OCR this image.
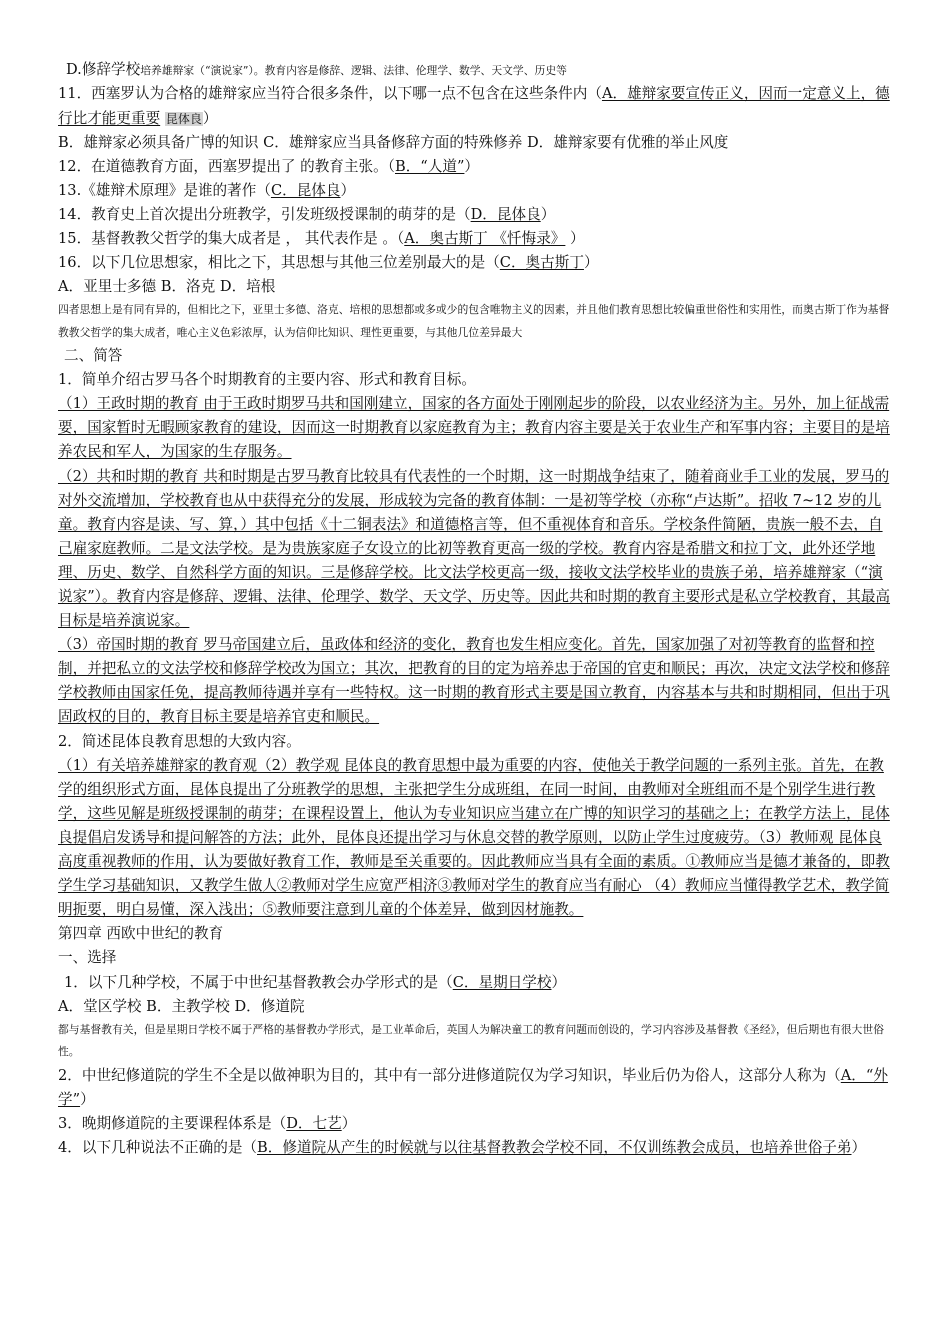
D.修辞学校培养雄辩家（“演说家”）。教育内容是修辞、逻辑、法律、伦理学、数学、天文学、历史等
11．西塞罗认为合格的雄辩家应当符合很多条件，以下哪一点不包含在这些条件内（A．雄辩家要宣传正义，因而一定意义上，德行比才能更重要 昆体良）
B．雄辩家必须具备广博的知识 C．雄辩家应当具备修辞方面的特殊修养 D．雄辩家要有优雅的举止风度
12．在道德教育方面，西塞罗提出了 的教育主张。（B．“人道”）
13.《雄辩术原理》是谁的著作（C．昆体良）
14．教育史上首次提出分班教学，引发班级授课制的萌芽的是（D．昆体良）
15．基督教教父哲学的集大成者是 ， 其代表作是 。（A．奥古斯丁 《忏悔录》 ）
16．以下几位思想家，相比之下，其思想与其他三位差别最大的是（C．奥古斯丁）
A．亚里士多德 B．洛克 D．培根
四者思想上是有同有异的，但相比之下，亚里士多德、洛克、培根的思想都或多或少的包含唯物主义的因素，并且他们教育思想比较偏重世俗性和实用性，而奥古斯丁作为基督教教父哲学的集大成者，唯心主义色彩浓厚，认为信仰比知识、理性更重要，与其他几位差异最大
二、简答
1．简单介绍古罗马各个时期教育的主要内容、形式和教育目标。
（1）王政时期的教育 由于王政时期罗马共和国刚建立，国家的各方面处于刚刚起步的阶段，以农业经济为主。另外，加上征战需要，国家暂时无暇顾家教育的建设，因而这一时期教育以家庭教育为主；教育内容主要是关于农业生产和军事内容；主要目的是培养农民和军人，为国家的生存服务。
（2）共和时期的教育 共和时期是古罗马教育比较具有代表性的一个时期，这一时期战争结束了，随着商业手工业的发展，罗马的对外交流增加，学校教育也从中获得充分的发展，形成较为完备的教育体制：一是初等学校（亦称“卢达斯”。招收 7~12 岁的儿童。教育内容是读、写、算，）其中包括《十二铜表法》和道德格言等，但不重视体育和音乐。学校条件简陋，贵族一般不去，自己雇家庭教师。二是文法学校。是为贵族家庭子女设立的比初等教育更高一级的学校。教育内容是希腊文和拉丁文，此外还学地理、历史、数学、自然科学方面的知识。三是修辞学校。比文法学校更高一级，接收文法学校毕业的贵族子弟，培养雄辩家（“演说家”）。教育内容是修辞、逻辑、法律、伦理学、数学、天文学、历史等。因此共和时期的教育主要形式是私立学校教育，其最高目标是培养演说家。
（3）帝国时期的教育 罗马帝国建立后，虽政体和经济的变化，教育也发生相应变化。首先，国家加强了对初等教育的监督和控制，并把私立的文法学校和修辞学校改为国立；其次，把教育的目的定为培养忠于帝国的官吏和顺民；再次，决定文法学校和修辞学校教师由国家任免，提高教师待遇并享有一些特权。这一时期的教育形式主要是国立教育，内容基本与共和时期相同，但出于巩固政权的目的，教育目标主要是培养官吏和顺民。
2．简述昆体良教育思想的大致内容。
（1）有关培养雄辩家的教育观（2）教学观 昆体良的教育思想中最为重要的内容，使他关于教学问题的一系列主张。首先，在教学的组织形式方面，昆体良提出了分班教学的思想，主张把学生分成班组，在同一时间，由教师对全班组而不是个别学生进行教学，这些见解是班级授课制的萌芽；在课程设置上，他认为专业知识应当建立在广博的知识学习的基础之上；在教学方法上，昆体良提倡启发诱导和提问解答的方法；此外，昆体良还提出学习与休息交替的教学原则，以防止学生过度疲劳。（3）教师观 昆体良高度重视教师的作用，认为要做好教育工作，教师是至关重要的。因此教师应当具有全面的素质。①教师应当是德才兼备的，即教学生学习基础知识，又教学生做人②教师对学生应宽严相济③教师对学生的教育应当有耐心 （4）教师应当懂得教学艺术，教学简明扼要，明白易懂，深入浅出；⑤教师要注意到儿童的个体差异，做到因材施教。
第四章 西欧中世纪的教育
一、选择
1．以下几种学校，不属于中世纪基督教教会办学形式的是（C．星期日学校）
A．堂区学校 B．主教学校 D．修道院
都与基督教有关，但是星期日学校不属于严格的基督教办学形式，是工业革命后，英国人为解决童工的教育问题而创设的，学习内容涉及基督教《圣经》，但后期也有很大世俗性。
2．中世纪修道院的学生不全是以做神职为目的，其中有一部分进修道院仅为学习知识，毕业后仍为俗人，这部分人称为（A．“外学”）
3．晚期修道院的主要课程体系是（D．七艺）
4．以下几种说法不正确的是（B．修道院从产生的时候就与以往基督教教会学校不同，不仅训练教会成员，也培养世俗子弟）
